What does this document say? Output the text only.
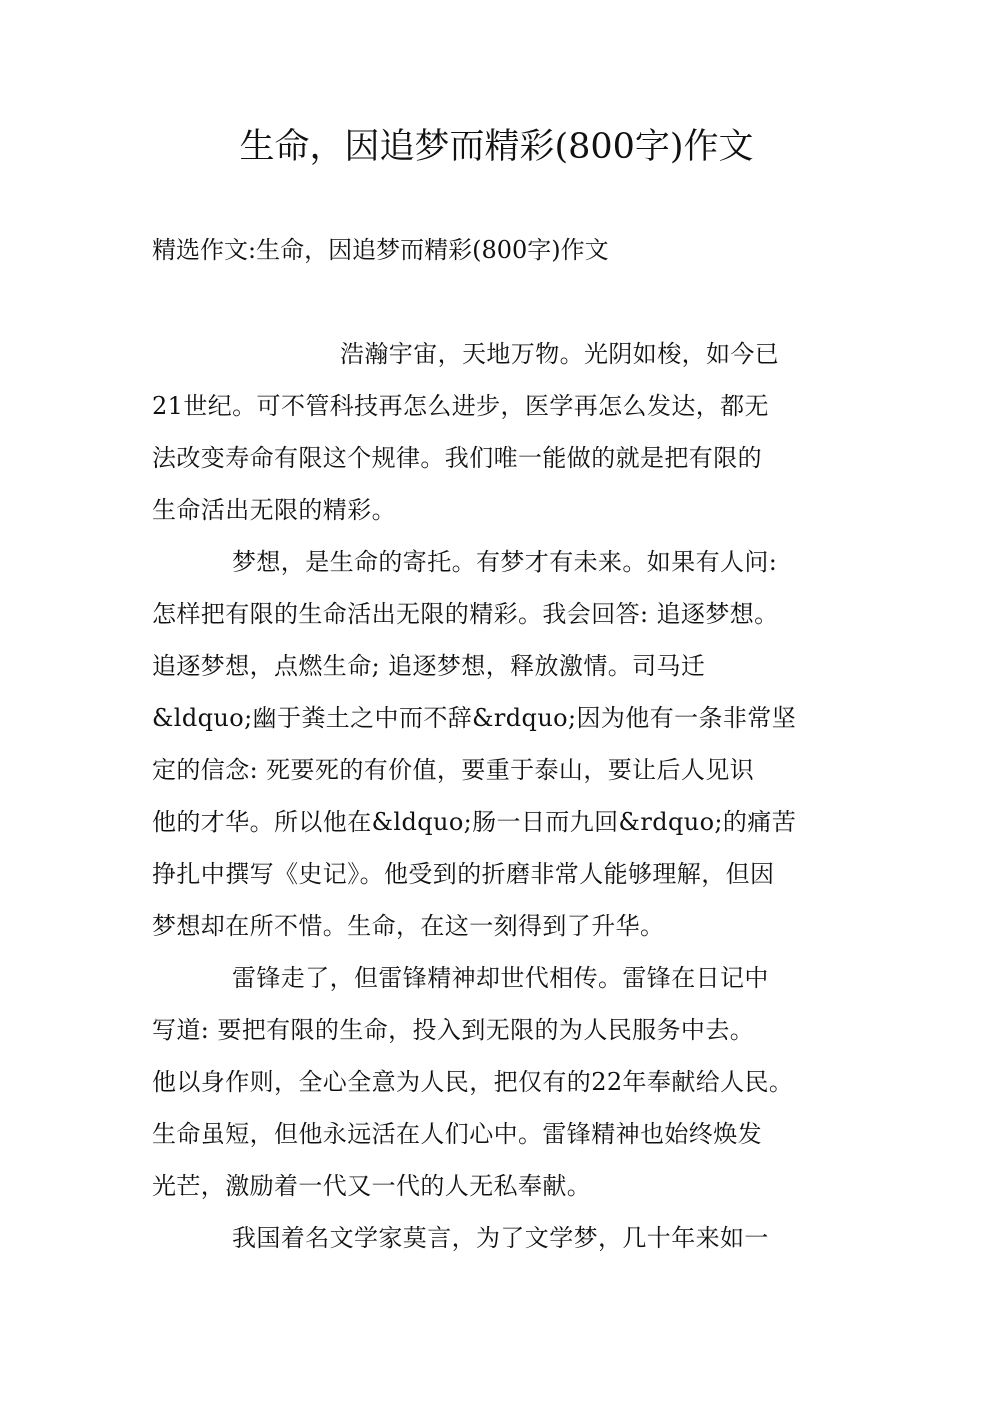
生命，因追梦而精彩(800字)作文

精选作文:生命，因追梦而精彩(800字)作文

浩瀚宇宙，天地万物。光阴如梭，如今已

21世纪。可不管科技再怎么进步，医学再怎么发达，都无

法改变寿命有限这个规律。我们唯一能做的就是把有限的

生命活出无限的精彩。

梦想，是生命的寄托。有梦才有未来。如果有人问:

怎样把有限的生命活出无限的精彩。我会回答: 追逐梦想。

追逐梦想，点燃生命; 追逐梦想，释放激情。司马迁

&ldquo;幽于粪土之中而不辞&rdquo;因为他有一条非常坚

定的信念: 死要死的有价值，要重于泰山，要让后人见识

他的才华。所以他在&ldquo;肠一日而九回&rdquo;的痛苦

挣扎中撰写《史记》。他受到的折磨非常人能够理解，但因

梦想却在所不惜。生命，在这一刻得到了升华。

雷锋走了，但雷锋精神却世代相传。雷锋在日记中

写道: 要把有限的生命，投入到无限的为人民服务中去。

他以身作则，全心全意为人民，把仅有的22年奉献给人民。

生命虽短，但他永远活在人们心中。雷锋精神也始终焕发

光芒，激励着一代又一代的人无私奉献。

我国着名文学家莫言，为了文学梦，几十年来如一
